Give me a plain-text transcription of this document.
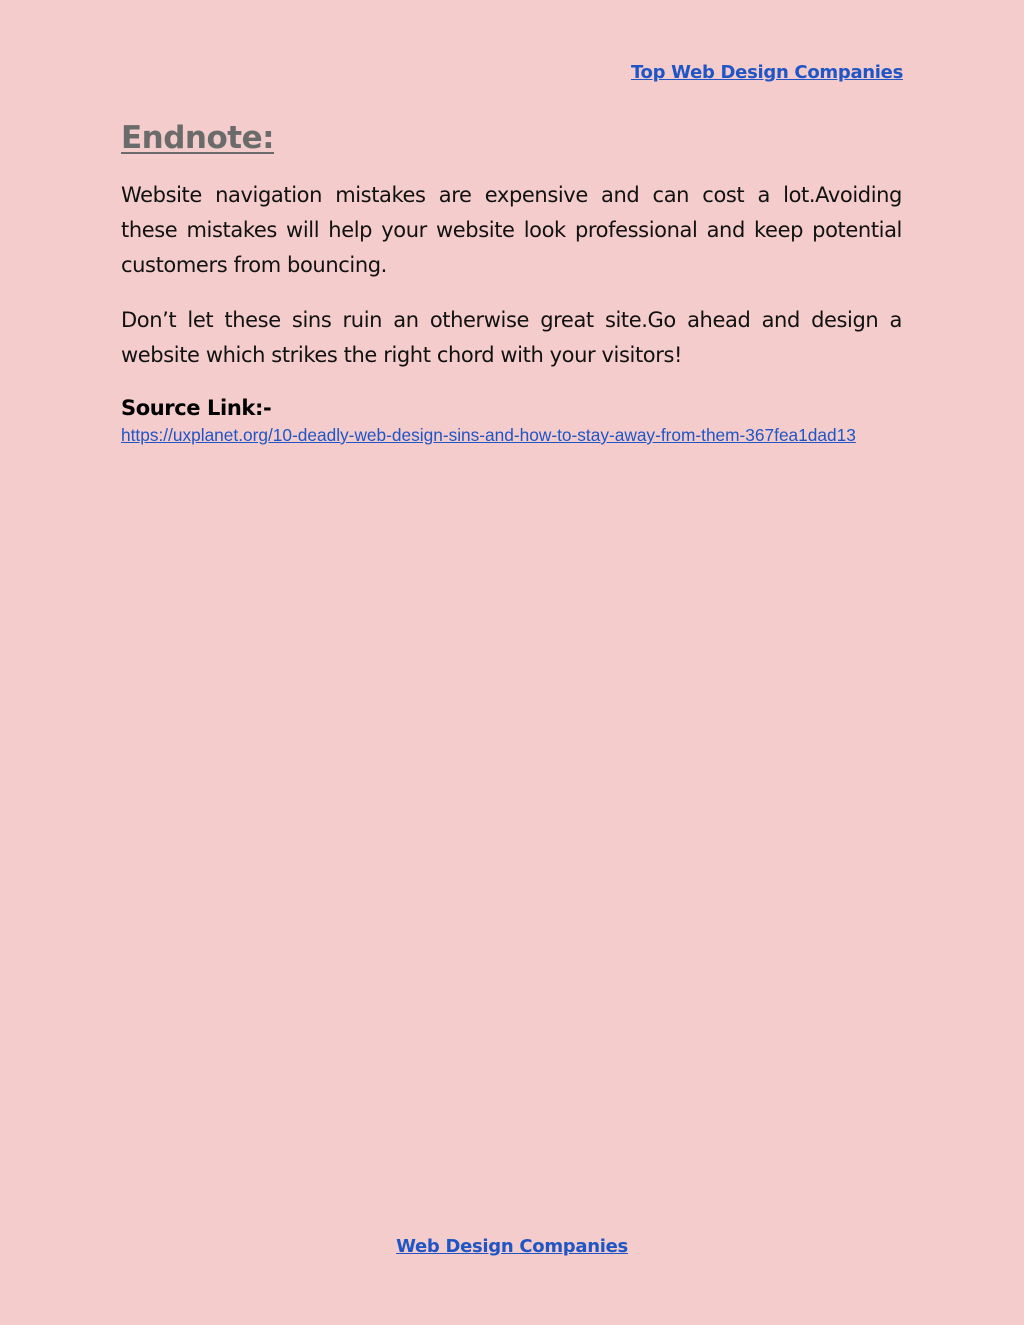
Top Web Design Companies
Endnote:

Website navigation mistakes are expensive and can cost a lot.Avoiding these mistakes will help your website look professional and keep potential customers from bouncing.

Don’t let these sins ruin an otherwise great site.Go ahead and design a website which strikes the right chord with your visitors!

Source Link:-

https://uxplanet.org/10-deadly-web-design-sins-and-how-to-stay-away-from-them-367fea1dad13
Web Design Companies
